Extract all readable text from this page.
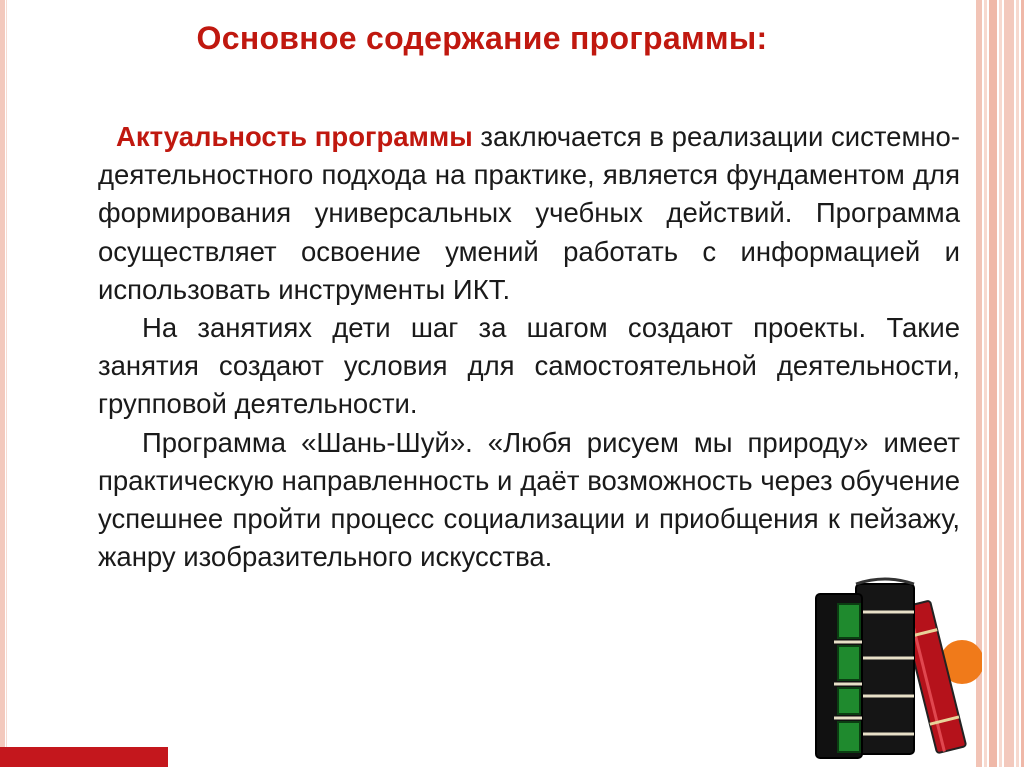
Основное содержание программы:

Актуальность программы заключается в реализации системно-деятельностного подхода на практике, является фундаментом для формирования универсальных учебных действий. Программа осуществляет освоение умений работать с информацией и использовать инструменты ИКТ.

На занятиях дети шаг за шагом создают проекты. Такие занятия создают условия для самостоятельной деятельности, групповой деятельности.

Программа «Шань-Шуй». «Любя рисуем мы природу» имеет практическую направленность и даёт возможность через обучение успешнее пройти процесс социализации и приобщения к пейзажу, жанру изобразительного искусства.
